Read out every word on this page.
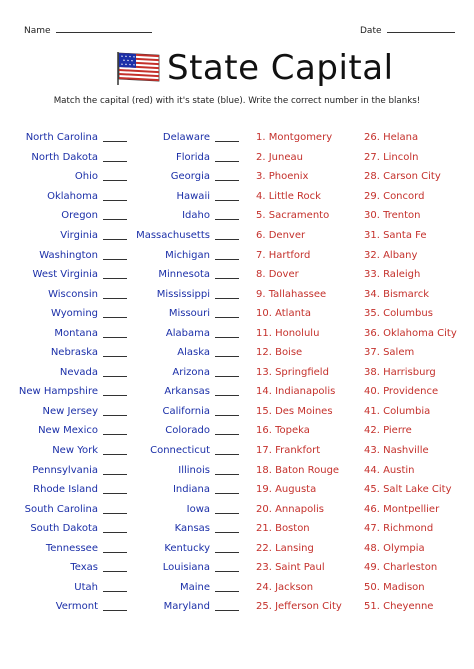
Name	Date
State Capital
Match the capital (red) with it's state (blue). Write the correct number in the blanks!
North Carolina
North Dakota
Ohio
Oklahoma
Oregon
Virginia
Washington
West Virginia
Wisconsin
Wyoming
Montana
Nebraska
Nevada
New Hampshire
New Jersey
New Mexico
New York
Pennsylvania
Rhode Island
South Carolina
South Dakota
Tennessee
Texas
Utah
Vermont
Delaware
Florida
Georgia
Hawaii
Idaho
Massachusetts
Michigan
Minnesota
Mississippi
Missouri
Alabama
Alaska
Arizona
Arkansas
California
Colorado
Connecticut
Illinois
Indiana
Iowa
Kansas
Kentucky
Louisiana
Maine
Maryland
1. Montgomery
2. Juneau
3. Phoenix
4. Little Rock
5. Sacramento
6. Denver
7. Hartford
8. Dover
9. Tallahassee
10. Atlanta
11. Honolulu
12. Boise
13. Springfield
14. Indianapolis
15. Des Moines
16. Topeka
17. Frankfort
18. Baton Rouge
19. Augusta
20. Annapolis
21. Boston
22. Lansing
23. Saint Paul
24. Jackson
25. Jefferson City
26. Helana
27. Lincoln
28. Carson City
29. Concord
30. Trenton
31. Santa Fe
32. Albany
33. Raleigh
34. Bismarck
35. Columbus
36. Oklahoma City
37. Salem
38. Harrisburg
40. Providence
41. Columbia
42. Pierre
43. Nashville
44. Austin
45. Salt Lake City
46. Montpellier
47. Richmond
48. Olympia
49. Charleston
50. Madison
51. Cheyenne
